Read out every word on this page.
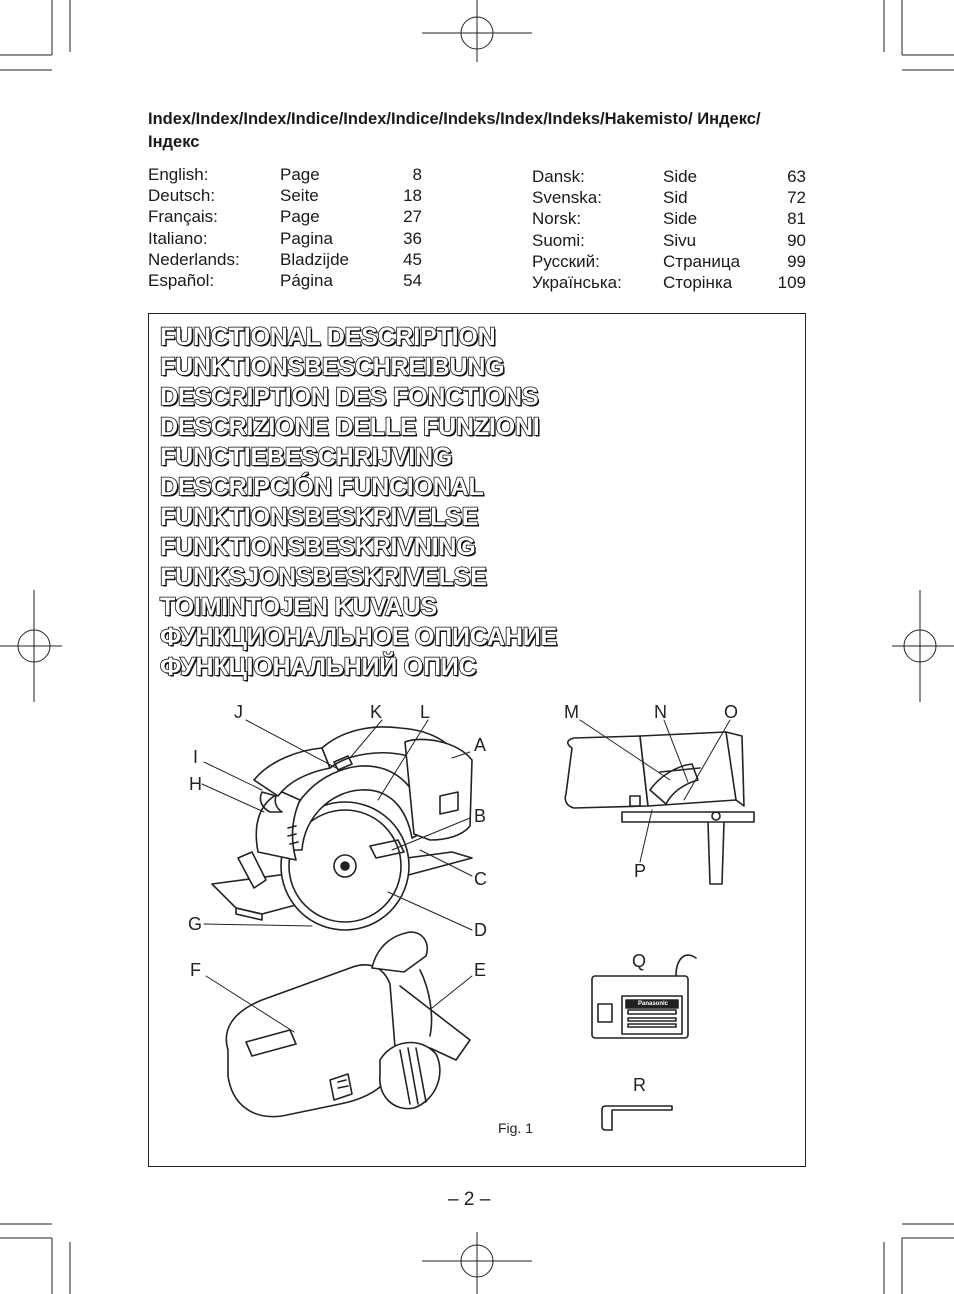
Index/Index/Index/Indice/Index/Indice/Indeks/Index/Indeks/Hakemisto/ Индекс/Індекс
English:	Page	8
Deutsch:	Seite	18
Français:	Page	27
Italiano:	Pagina	36
Nederlands: Bladzijde	45
Español:	Página	54
Dansk:	Side	63
Svenska:	Sid	72
Norsk:	Side	81
Suomi:	Sivu	90
Русский:	Страница	99
Українська: Сторінка	109
FUNCTIONAL DESCRIPTION
FUNKTIONSBESCHREIBUNG
DESCRIPTION DES FONCTIONS
DESCRIZIONE DELLE FUNZIONI
FUNCTIEBESCHRIJVING
DESCRIPCIÓN FUNCIONAL
FUNKTIONSBESKRIVELSE
FUNKTIONSBESKRIVNING
FUNKSJONSBESKRIVELSE
TOIMINTOJEN KUVAUS
ФУНКЦИОНАЛЬНОЕ ОПИСАНИЕ
ФУНКЦІОНАЛЬНИЙ ОПИС
J	K L
A
I
H
B
C
G	D
F	E
M	N	O
P
Q
R
Panasonic
Fig. 1
– 2 –
